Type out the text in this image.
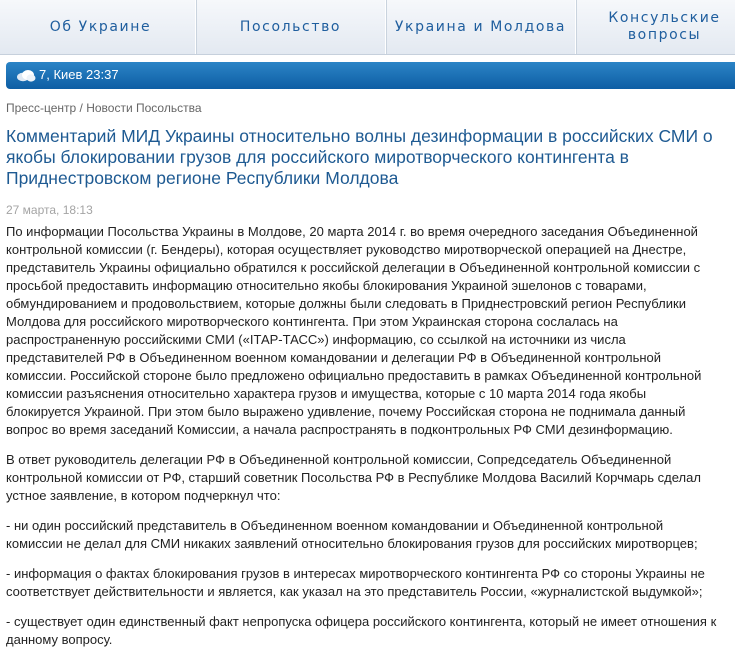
Об Украине	Посольство	Украина и Молдова
Консульские
вопросы
7, Киев 23:37
Пресс-центр / Новости Посольства
Комментарий МИД Украины относительно волны дезинформации в российских СМИ о якобы блокировании грузов для российского миротворческого контингента в Приднестровском регионе Республики Молдова
27 марта, 18:13

По информации Посольства Украины в Молдове, 20 марта 2014 г. во время очередного заседания Объединенной контрольной комиссии (г. Бендеры), которая осуществляет руководство миротворческой операцией на Днестре, представитель Украины официально обратился к российской делегации в Объединенной контрольной комиссии с просьбой предоставить информацию относительно якобы блокирования Украиной эшелонов с товарами, обмундированием и продовольствием, которые должны были следовать в Приднестровский регион Республики Молдова для российского миротворческого контингента. При этом Украинская сторона сослалась на распространенную российскими СМИ («ІТАР-ТАСС») информацию, со ссылкой на источники из числа представителей РФ в Объединенном военном командовании и делегации РФ в Объединенной контрольной комиссии. Российской стороне было предложено официально предоставить в рамках Объединенной контрольной комиссии разъяснения относительно характера грузов и имущества, которые с 10 марта 2014 года якобы блокируется Украиной. При этом было выражено удивление, почему Российская сторона не поднимала данный вопрос во время заседаний Комиссии, а начала распространять в подконтрольных РФ СМИ дезинформацию.

В ответ руководитель делегации РФ в Объединенной контрольной комиссии, Сопредседатель Объединенной контрольной комиссии от РФ, старший советник Посольства РФ в Республике Молдова Василий Корчмарь сделал устное заявление, в котором подчеркнул что:

- ни один российский представитель в Объединенном военном командовании и Объединенной контрольной комиссии не делал для СМИ никаких заявлений относительно блокирования грузов для российских миротворцев;

- информация о фактах блокирования грузов в интересах миротворческого контингента РФ со стороны Украины не соответствует действительности и является, как указал на это представитель России, «журналистской выдумкой»;

- существует один единственный факт непропуска офицера российского контингента, который не имеет отношения к данному вопросу.
